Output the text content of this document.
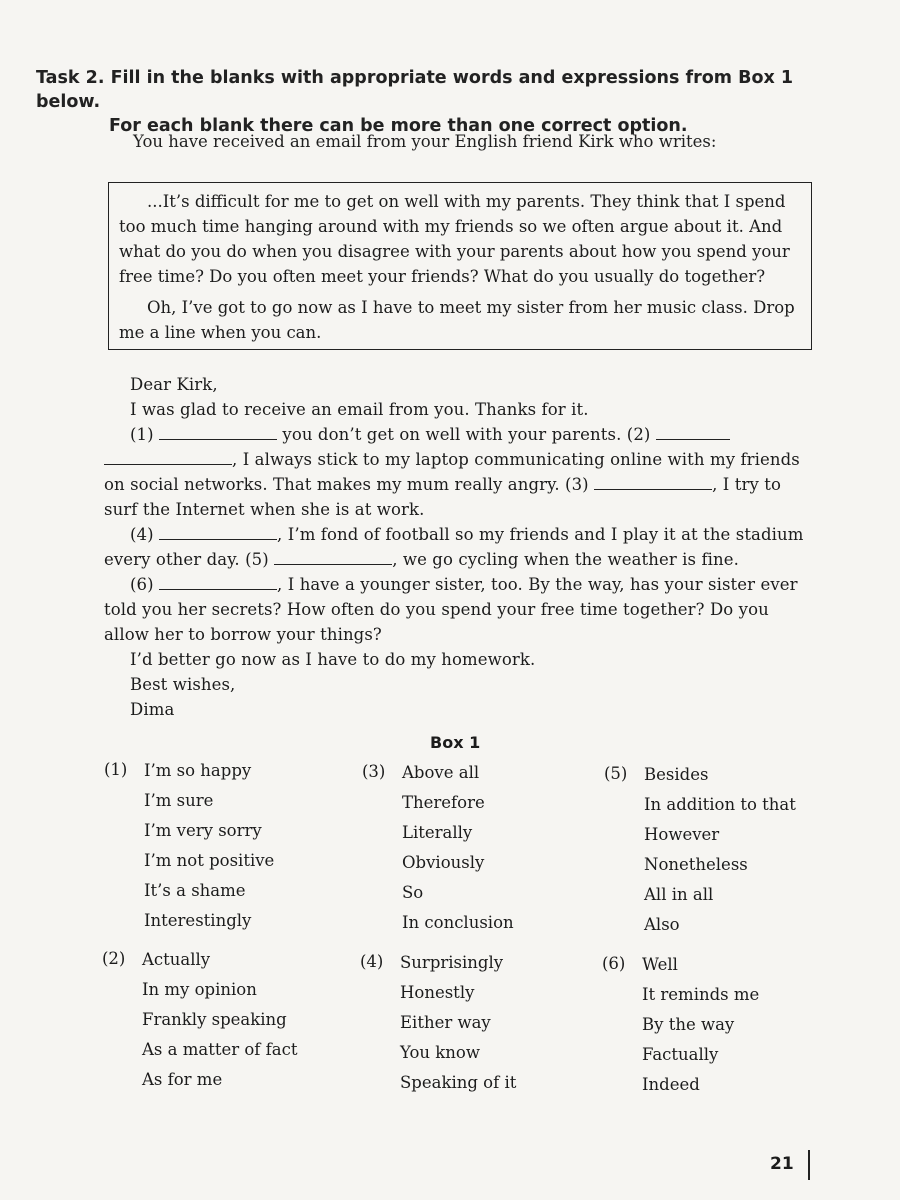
Task 2. Fill in the blanks with appropriate words and expressions from Box 1 below.
For each blank there can be more than one correct option.
You have received an email from your English friend Kirk who writes:

...It’s difficult for me to get on well with my parents. They think that I spend too much time hanging around with my friends so we often argue about it. And what do you do when you disagree with your parents about how you spend your free time? Do you often meet your friends? What do you usually do together?

Oh, I’ve got to go now as I have to meet my sister from her music class. Drop me a line when you can.

Dear Kirk,

I was glad to receive an email from you. Thanks for it.

(1)	you don’t get on well with your parents. (2)  , I always stick to my laptop communicating online with my friends on social networks. That makes my mum really angry. (3)	, I try to surf the Internet when she is at work.

(4)	, I’m fond of football so my friends and I play it at the stadium every other day. (5)	, we go cycling when the weather is fine.

(6)	, I have a younger sister, too. By the way, has your sister ever told you her secrets? How often do you spend your free time together? Do you allow her to borrow your things?

I’d better go now as I have to do my homework.

Best wishes,

Dima

Box 1
(1) I’m so happy
I’m sure
I’m very sorry
I’m not positive
It’s a shame
Interestingly
(3) Above all
Therefore
Literally
Obviously
So
In conclusion
(5) Besides
In addition to that
However
Nonetheless
All in all
Also
(2) Actually
In my opinion
Frankly speaking
As a matter of fact
As for me
(4) Surprisingly
Honestly
Either way
You know
Speaking of it
(6) Well
It reminds me
By the way
Factually
Indeed
21
